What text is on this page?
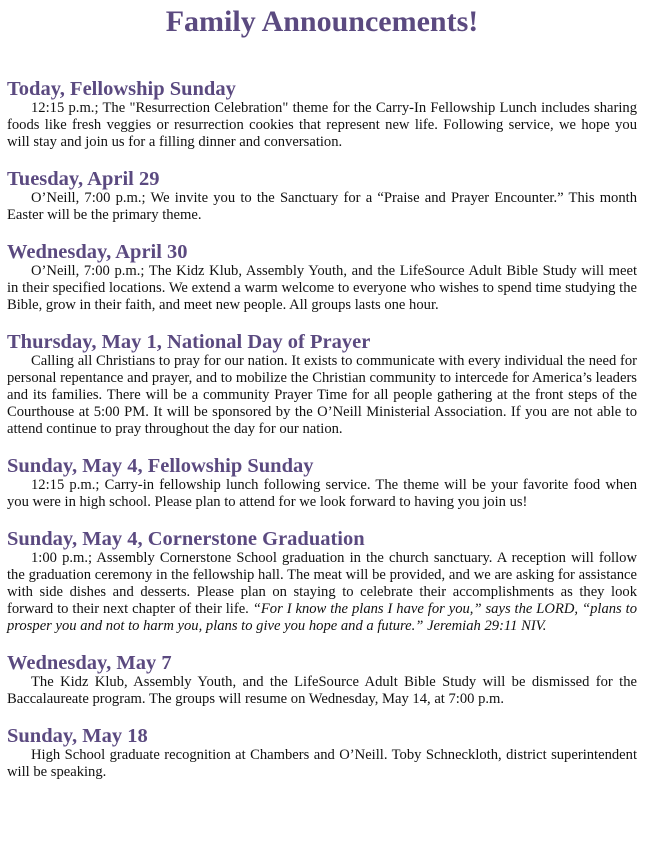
Family Announcements!
Today, Fellowship Sunday

12:15 p.m.; The "Resurrection Celebration" theme for the Carry-In Fellowship Lunch includes sharing foods like fresh veggies or resurrection cookies that represent new life. Following service, we hope you will stay and join us for a filling dinner and conversation.

Tuesday, April 29

O’Neill, 7:00 p.m.; We invite you to the Sanctuary for a “Praise and Prayer Encounter.” This month Easter will be the primary theme.

Wednesday, April 30

O’Neill, 7:00 p.m.; The Kidz Klub, Assembly Youth, and the LifeSource Adult Bible Study will meet in their specified locations. We extend a warm welcome to everyone who wishes to spend time studying the Bible, grow in their faith, and meet new people. All groups lasts one hour.

Thursday, May 1, National Day of Prayer

Calling all Christians to pray for our nation. It exists to communicate with every individual the need for personal repentance and prayer, and to mobilize the Christian community to intercede for America’s leaders and its families. There will be a community Prayer Time for all people gathering at the front steps of the Courthouse at 5:00 PM. It will be sponsored by the O’Neill Ministerial Association. If you are not able to attend continue to pray throughout the day for our nation.

Sunday, May 4, Fellowship Sunday

12:15 p.m.; Carry-in fellowship lunch following service. The theme will be your favorite food when you were in high school. Please plan to attend for we look forward to having you join us!

Sunday, May 4, Cornerstone Graduation

1:00 p.m.; Assembly Cornerstone School graduation in the church sanctuary. A reception will follow the graduation ceremony in the fellowship hall. The meat will be provided, and we are asking for assistance with side dishes and desserts. Please plan on staying to celebrate their accomplishments as they look forward to their next chapter of their life. “For I know the plans I have for you,” says the LORD, “plans to prosper you and not to harm you, plans to give you hope and a future.” Jeremiah 29:11 NIV.

Wednesday, May 7

The Kidz Klub, Assembly Youth, and the LifeSource Adult Bible Study will be dismissed for the Baccalaureate program. The groups will resume on Wednesday, May 14, at 7:00 p.m.

Sunday, May 18

High School graduate recognition at Chambers and O’Neill. Toby Schneckloth, district superintendent will be speaking.
